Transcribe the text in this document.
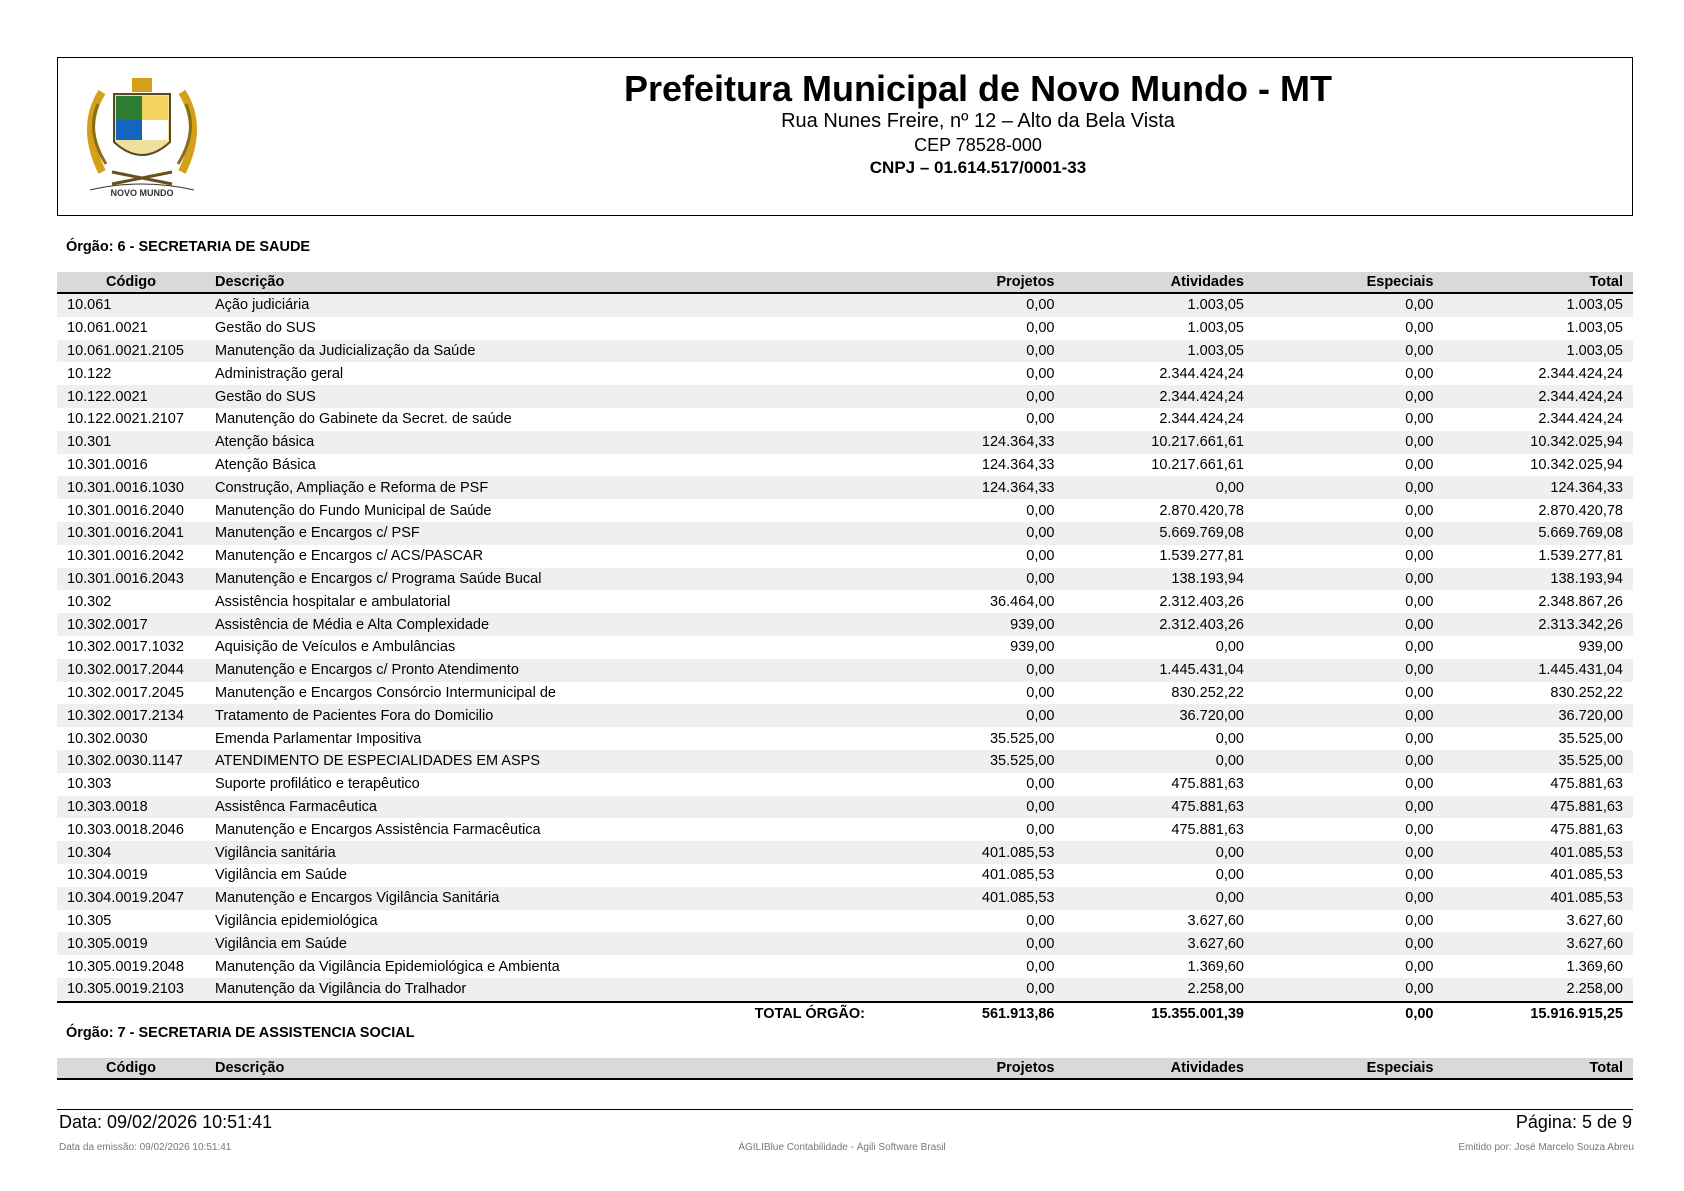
NOVO MUNDO
Prefeitura Municipal de Novo Mundo - MT
Rua Nunes Freire, nº 12 – Alto da Bela Vista
CEP 78528-000
CNPJ – 01.614.517/0001-33
Órgão: 6 - SECRETARIA DE SAUDE
Código	Descrição	Projetos	Atividades	Especiais	Total
10.061	Ação judiciária	0,00	1.003,05	0,00	1.003,05
10.061.0021	Gestão do SUS	0,00	1.003,05	0,00	1.003,05
10.061.0021.2105	Manutenção da Judicialização da Saúde	0,00	1.003,05	0,00	1.003,05
10.122	Administração geral	0,00	2.344.424,24	0,00	2.344.424,24
10.122.0021	Gestão do SUS	0,00	2.344.424,24	0,00	2.344.424,24
10.122.0021.2107	Manutenção do Gabinete da Secret. de saúde	0,00	2.344.424,24	0,00	2.344.424,24
10.301	Atenção básica	124.364,33	10.217.661,61	0,00	10.342.025,94
10.301.0016	Atenção Básica	124.364,33	10.217.661,61	0,00	10.342.025,94
10.301.0016.1030	Construção, Ampliação e Reforma de PSF	124.364,33	0,00	0,00	124.364,33
10.301.0016.2040	Manutenção do Fundo Municipal de Saúde	0,00	2.870.420,78	0,00	2.870.420,78
10.301.0016.2041	Manutenção e Encargos c/ PSF	0,00	5.669.769,08	0,00	5.669.769,08
10.301.0016.2042	Manutenção e Encargos c/ ACS/PASCAR	0,00	1.539.277,81	0,00	1.539.277,81
10.301.0016.2043	Manutenção e Encargos c/ Programa Saúde Bucal	0,00	138.193,94	0,00	138.193,94
10.302	Assistência hospitalar e ambulatorial	36.464,00	2.312.403,26	0,00	2.348.867,26
10.302.0017	Assistência de Média e Alta Complexidade	939,00	2.312.403,26	0,00	2.313.342,26
10.302.0017.1032	Aquisição de Veículos e Ambulâncias	939,00	0,00	0,00	939,00
10.302.0017.2044	Manutenção e Encargos c/ Pronto Atendimento	0,00	1.445.431,04	0,00	1.445.431,04
10.302.0017.2045	Manutenção e Encargos Consórcio Intermunicipal de	0,00	830.252,22	0,00	830.252,22
10.302.0017.2134	Tratamento de Pacientes Fora do Domicilio	0,00	36.720,00	0,00	36.720,00
10.302.0030	Emenda Parlamentar Impositiva	35.525,00	0,00	0,00	35.525,00
10.302.0030.1147	ATENDIMENTO DE ESPECIALIDADES EM ASPS	35.525,00	0,00	0,00	35.525,00
10.303	Suporte profilático e terapêutico	0,00	475.881,63	0,00	475.881,63
10.303.0018	Assistênca Farmacêutica	0,00	475.881,63	0,00	475.881,63
10.303.0018.2046	Manutenção e Encargos Assistência Farmacêutica	0,00	475.881,63	0,00	475.881,63
10.304	Vigilância sanitária	401.085,53	0,00	0,00	401.085,53
10.304.0019	Vigilância em Saúde	401.085,53	0,00	0,00	401.085,53
10.304.0019.2047	Manutenção e Encargos Vigilância Sanitária	401.085,53	0,00	0,00	401.085,53
10.305	Vigilância epidemiológica	0,00	3.627,60	0,00	3.627,60
10.305.0019	Vigilância em Saúde	0,00	3.627,60	0,00	3.627,60
10.305.0019.2048	Manutenção da Vigilância Epidemiológica e Ambienta	0,00	1.369,60	0,00	1.369,60
10.305.0019.2103	Manutenção da Vigilância do Tralhador	0,00	2.258,00	0,00	2.258,00
	TOTAL ÓRGÃO:	561.913,86	15.355.001,39	0,00	15.916.915,25
Órgão: 7 - SECRETARIA DE ASSISTENCIA SOCIAL
Código	Descrição	Projetos	Atividades	Especiais	Total
Data: 09/02/2026 10:51:41	Página: 5 de 9
Data da emissão: 09/02/2026 10:51:41	ÁGILIBlue Contabilidade - Ágili Software Brasil	Emitido por: José Marcelo Souza Abreu
